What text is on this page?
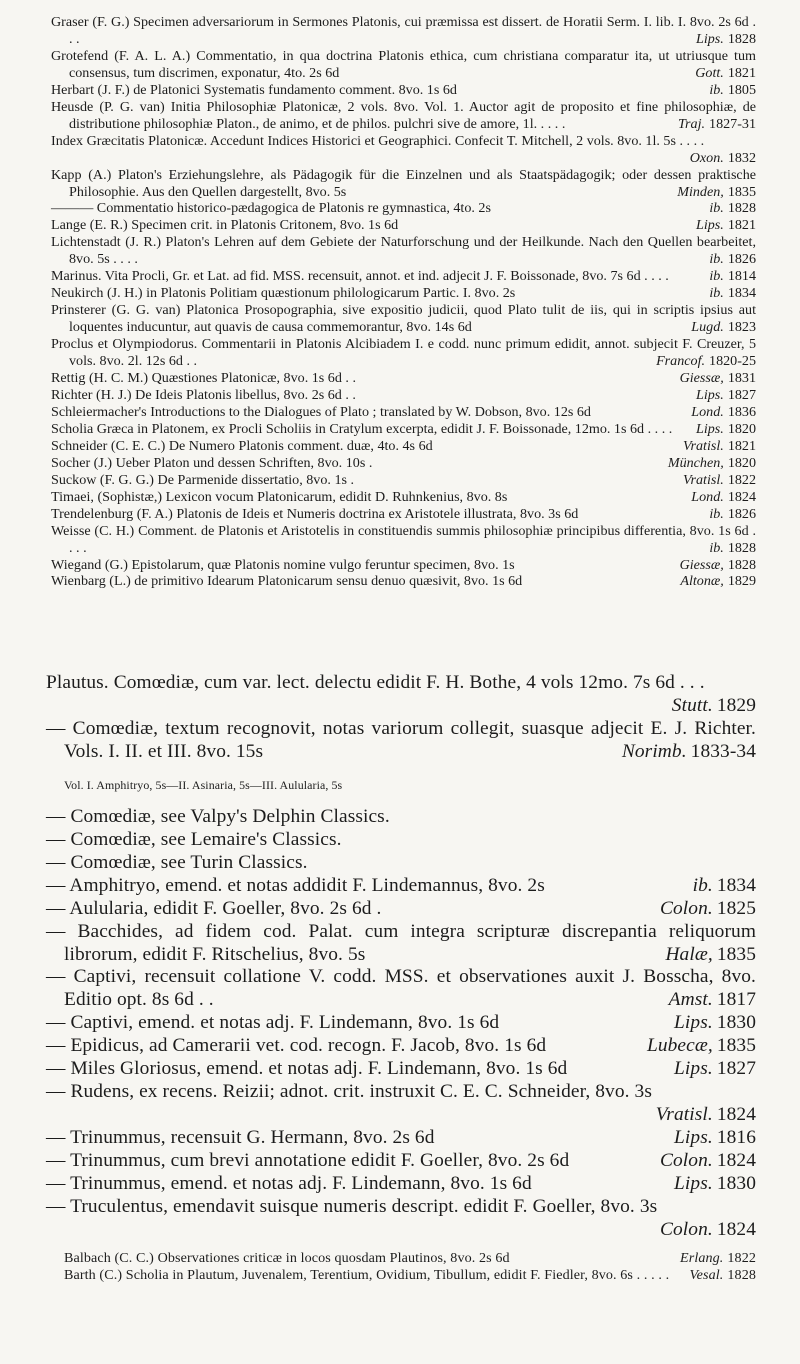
Graser (F. G.) Specimen adversariorum in Sermones Platonis, cui præmissa est dissert. de Horatii Serm. I. lib. I. 8vo. 2s 6d . . .	Lips. 1828
Grotefend (F. A. L. A.) Commentatio, in qua doctrina Platonis ethica, cum christiana comparatur ita, ut utriusque tum consensus, tum discrimen, exponatur, 4to. 2s 6d	Gott. 1821
Herbart (J. F.) de Platonici Systematis fundamento comment. 8vo. 1s 6d	ib. 1805
Heusde (P. G. van) Initia Philosophiæ Platonicæ, 2 vols. 8vo. Vol. 1. Auctor agit de proposito et fine philosophiæ, de distributione philosophiæ Platon., de animo, et de philos. pulchri sive de amore, 1l. . . . .	Traj. 1827-31
Index Græcitatis Platonicæ. Accedunt Indices Historici et Geographici. Confecit T. Mitchell, 2 vols. 8vo. 1l. 5s . . . .
Oxon. 1832
Kapp (A.) Platon's Erziehungslehre, als Pädagogik für die Einzelnen und als Staatspädagogik; oder dessen praktische Philosophie. Aus den Quellen dargestellt, 8vo. 5s	Minden, 1835
——— Commentatio historico-pædagogica de Platonis re gymnastica, 4to. 2s	ib. 1828
Lange (E. R.) Specimen crit. in Platonis Critonem, 8vo. 1s 6d	Lips. 1821
Lichtenstadt (J. R.) Platon's Lehren auf dem Gebiete der Naturforschung und der Heilkunde. Nach den Quellen bearbeitet, 8vo. 5s . . . .	ib. 1826
Marinus. Vita Procli, Gr. et Lat. ad fid. MSS. recensuit, annot. et ind. adjecit J. F. Boissonade, 8vo. 7s 6d . . . .	ib. 1814
Neukirch (J. H.) in Platonis Politiam quæstionum philologicarum Partic. I. 8vo. 2s	ib. 1834
Prinsterer (G. G. van) Platonica Prosopographia, sive expositio judicii, quod Plato tulit de iis, qui in scriptis ipsius aut loquentes inducuntur, aut quavis de causa commemorantur, 8vo. 14s 6d	Lugd. 1823
Proclus et Olympiodorus. Commentarii in Platonis Alcibiadem I. e codd. nunc primum edidit, annot. subjecit F. Creuzer, 5 vols. 8vo. 2l. 12s 6d . .	Francof. 1820-25
Rettig (H. C. M.) Quæstiones Platonicæ, 8vo. 1s 6d . .	Giessæ, 1831
Richter (H. J.) De Ideis Platonis libellus, 8vo. 2s 6d . .	Lips. 1827
Schleiermacher's Introductions to the Dialogues of Plato ; translated by W. Dobson, 8vo. 12s 6d	Lond. 1836
Scholia Græca in Platonem, ex Procli Scholiis in Cratylum excerpta, edidit J. F. Boissonade, 12mo. 1s 6d . . . . Lips. 1820
Schneider (C. E. C.) De Numero Platonis comment. duæ, 4to. 4s 6d	Vratisl. 1821
Socher (J.) Ueber Platon und dessen Schriften, 8vo. 10s .	München, 1820
Suckow (F. G. G.) De Parmenide dissertatio, 8vo. 1s .	Vratisl. 1822
Timaei, (Sophistæ,) Lexicon vocum Platonicarum, edidit D. Ruhnkenius, 8vo. 8s	Lond. 1824
Trendelenburg (F. A.) Platonis de Ideis et Numeris doctrina ex Aristotele illustrata, 8vo. 3s 6d	ib. 1826
Weisse (C. H.) Comment. de Platonis et Aristotelis in constituendis summis philosophiæ principibus differentia, 8vo. 1s 6d . . . .	ib. 1828
Wiegand (G.) Epistolarum, quæ Platonis nomine vulgo feruntur specimen, 8vo. 1s	Giessæ, 1828
Wienbarg (L.) de primitivo Idearum Platonicarum sensu denuo quæsivit, 8vo. 1s 6d	Altonæ, 1829
Plautus. Comœdiæ, cum var. lect. delectu edidit F. H. Bothe, 4 vols 12mo. 7s 6d . . .
Stutt. 1829
— Comœdiæ, textum recognovit, notas variorum collegit, suasque adjecit E. J. Richter. Vols. I. II. et III. 8vo. 15s	Norimb. 1833-34
Vol. I. Amphitryo, 5s—II. Asinaria, 5s—III. Aulularia, 5s
— Comœdiæ, see Valpy's Delphin Classics.
— Comœdiæ, see Lemaire's Classics.
— Comœdiæ, see Turin Classics.
— Amphitryo, emend. et notas addidit F. Lindemannus, 8vo. 2s	ib. 1834
— Aulularia, edidit F. Goeller, 8vo. 2s 6d .	Colon. 1825
— Bacchides, ad fidem cod. Palat. cum integra scripturæ discrepantia reliquorum librorum, edidit F. Ritschelius, 8vo. 5s	Halæ, 1835
— Captivi, recensuit collatione V. codd. MSS. et observationes auxit J. Bosscha, 8vo. Editio opt. 8s 6d . .	Amst. 1817
— Captivi, emend. et notas adj. F. Lindemann, 8vo. 1s 6d	Lips. 1830
— Epidicus, ad Camerarii vet. cod. recogn. F. Jacob, 8vo. 1s 6d	Lubecæ, 1835
— Miles Gloriosus, emend. et notas adj. F. Lindemann, 8vo. 1s 6d	Lips. 1827
— Rudens, ex recens. Reizii; adnot. crit. instruxit C. E. C. Schneider, 8vo. 3s
Vratisl. 1824
— Trinummus, recensuit G. Hermann, 8vo. 2s 6d	Lips. 1816
— Trinummus, cum brevi annotatione edidit F. Goeller, 8vo. 2s 6d	Colon. 1824
— Trinummus, emend. et notas adj. F. Lindemann, 8vo. 1s 6d	Lips. 1830
— Truculentus, emendavit suisque numeris descript. edidit F. Goeller, 8vo. 3s
Colon. 1824
Balbach (C. C.) Observationes criticæ in locos quosdam Plautinos, 8vo. 2s 6d	Erlang. 1822
Barth (C.) Scholia in Plautum, Juvenalem, Terentium, Ovidium, Tibullum, edidit F. Fiedler, 8vo. 6s . . . . . Vesal. 1828
